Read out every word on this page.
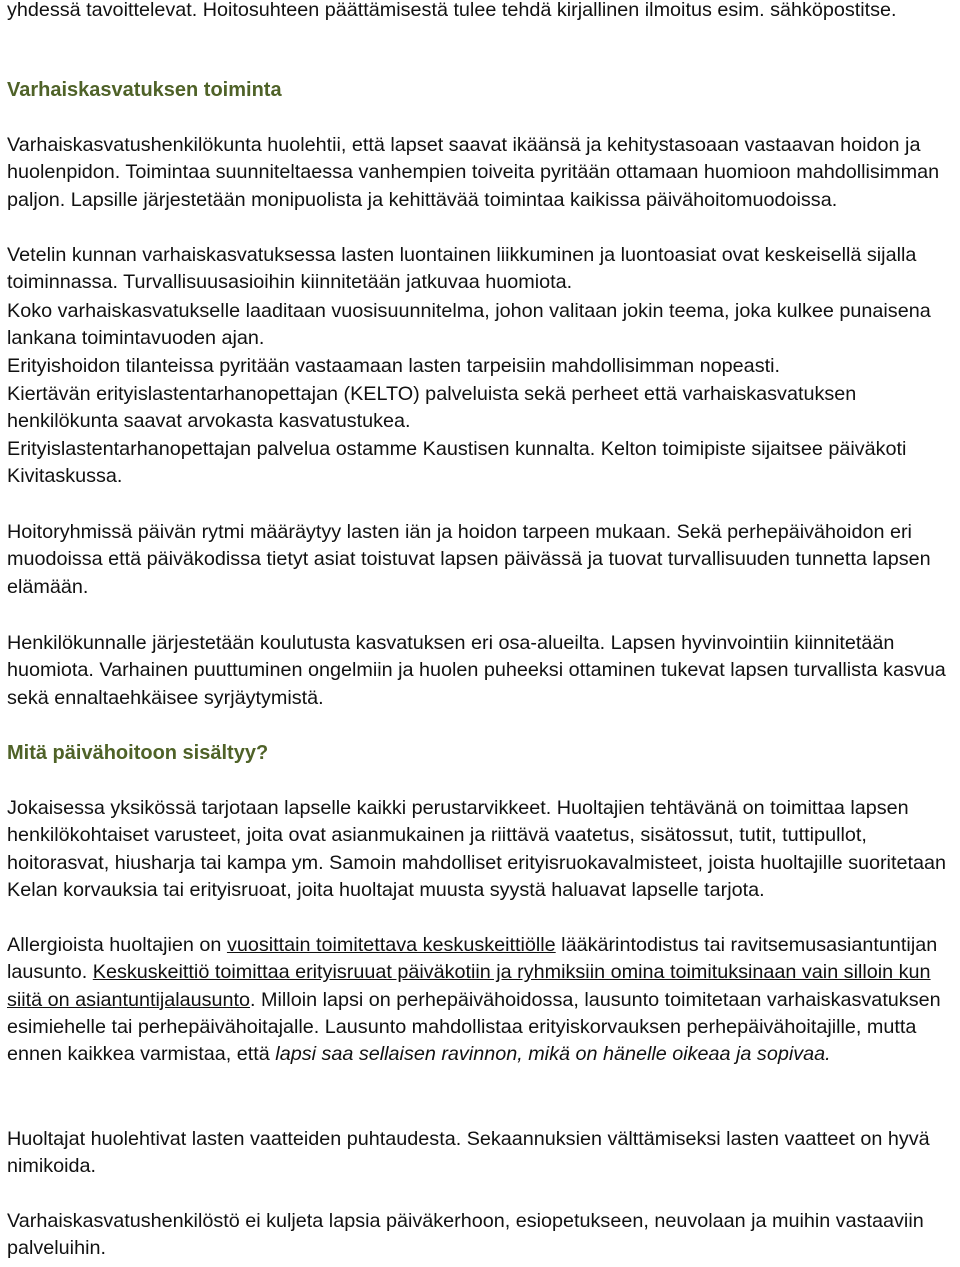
yhdessä tavoittelevat. Hoitosuhteen päättämisestä tulee tehdä kirjallinen ilmoitus esim. sähköpostitse.

Varhaiskasvatuksen toiminta

Varhaiskasvatushenkilökunta huolehtii, että lapset saavat ikäänsä ja kehitystasoaan vastaavan hoidon ja huolenpidon. Toimintaa suunniteltaessa vanhempien toiveita pyritään ottamaan huomioon mahdollisimman paljon. Lapsille järjestetään monipuolista ja kehittävää toimintaa kaikissa päivähoitomuodoissa.

Vetelin kunnan varhaiskasvatuksessa lasten luontainen liikkuminen ja luontoasiat ovat keskeisellä sijalla toiminnassa. Turvallisuusasioihin kiinnitetään jatkuvaa huomiota.

Koko varhaiskasvatukselle laaditaan vuosisuunnitelma, johon valitaan jokin teema, joka kulkee punaisena lankana toimintavuoden ajan.

Erityishoidon tilanteissa pyritään vastaamaan lasten tarpeisiin mahdollisimman nopeasti.

Kiertävän erityislastentarhanopettajan (KELTO) palveluista sekä perheet että varhaiskasvatuksen henkilökunta saavat arvokasta kasvatustukea.

Erityislastentarhanopettajan palvelua ostamme Kaustisen kunnalta. Kelton toimipiste sijaitsee päiväkoti Kivitaskussa.

Hoitoryhmissä päivän rytmi määräytyy lasten iän ja hoidon tarpeen mukaan. Sekä perhepäivähoidon eri muodoissa että päiväkodissa tietyt asiat toistuvat lapsen päivässä ja tuovat turvallisuuden tunnetta lapsen elämään.

Henkilökunnalle järjestetään koulutusta kasvatuksen eri osa-alueilta. Lapsen hyvinvointiin kiinnitetään huomiota. Varhainen puuttuminen ongelmiin ja huolen puheeksi ottaminen tukevat lapsen turvallista kasvua sekä ennaltaehkäisee syrjäytymistä.

Mitä päivähoitoon sisältyy?

Jokaisessa yksikössä tarjotaan lapselle kaikki perustarvikkeet. Huoltajien tehtävänä on toimittaa lapsen henkilökohtaiset varusteet, joita ovat asianmukainen ja riittävä vaatetus, sisätossut, tutit, tuttipullot, hoitorasvat, hiusharja tai kampa ym. Samoin mahdolliset erityisruokavalmisteet, joista huoltajille suoritetaan Kelan korvauksia tai erityisruoat, joita huoltajat muusta syystä haluavat lapselle tarjota.

Allergioista huoltajien on vuosittain toimitettava keskuskeittiölle lääkärintodistus tai ravitsemusasiantuntijan lausunto. Keskuskeittiö toimittaa erityisruuat päiväkotiin ja ryhmiksiin omina toimituksinaan vain silloin kun siitä on asiantuntijalausunto. Milloin lapsi on perhepäivähoidossa, lausunto toimitetaan varhaiskasvatuksen esimiehelle tai perhepäivähoitajalle. Lausunto mahdollistaa erityiskorvauksen perhepäivähoitajille, mutta ennen kaikkea varmistaa, että lapsi saa sellaisen ravinnon, mikä on hänelle oikeaa ja sopivaa.

Huoltajat huolehtivat lasten vaatteiden puhtaudesta. Sekaannuksien välttämiseksi lasten vaatteet on hyvä nimikoida.

Varhaiskasvatushenkilöstö ei kuljeta lapsia päiväkerhoon, esiopetukseen, neuvolaan ja muihin vastaaviin palveluihin.
